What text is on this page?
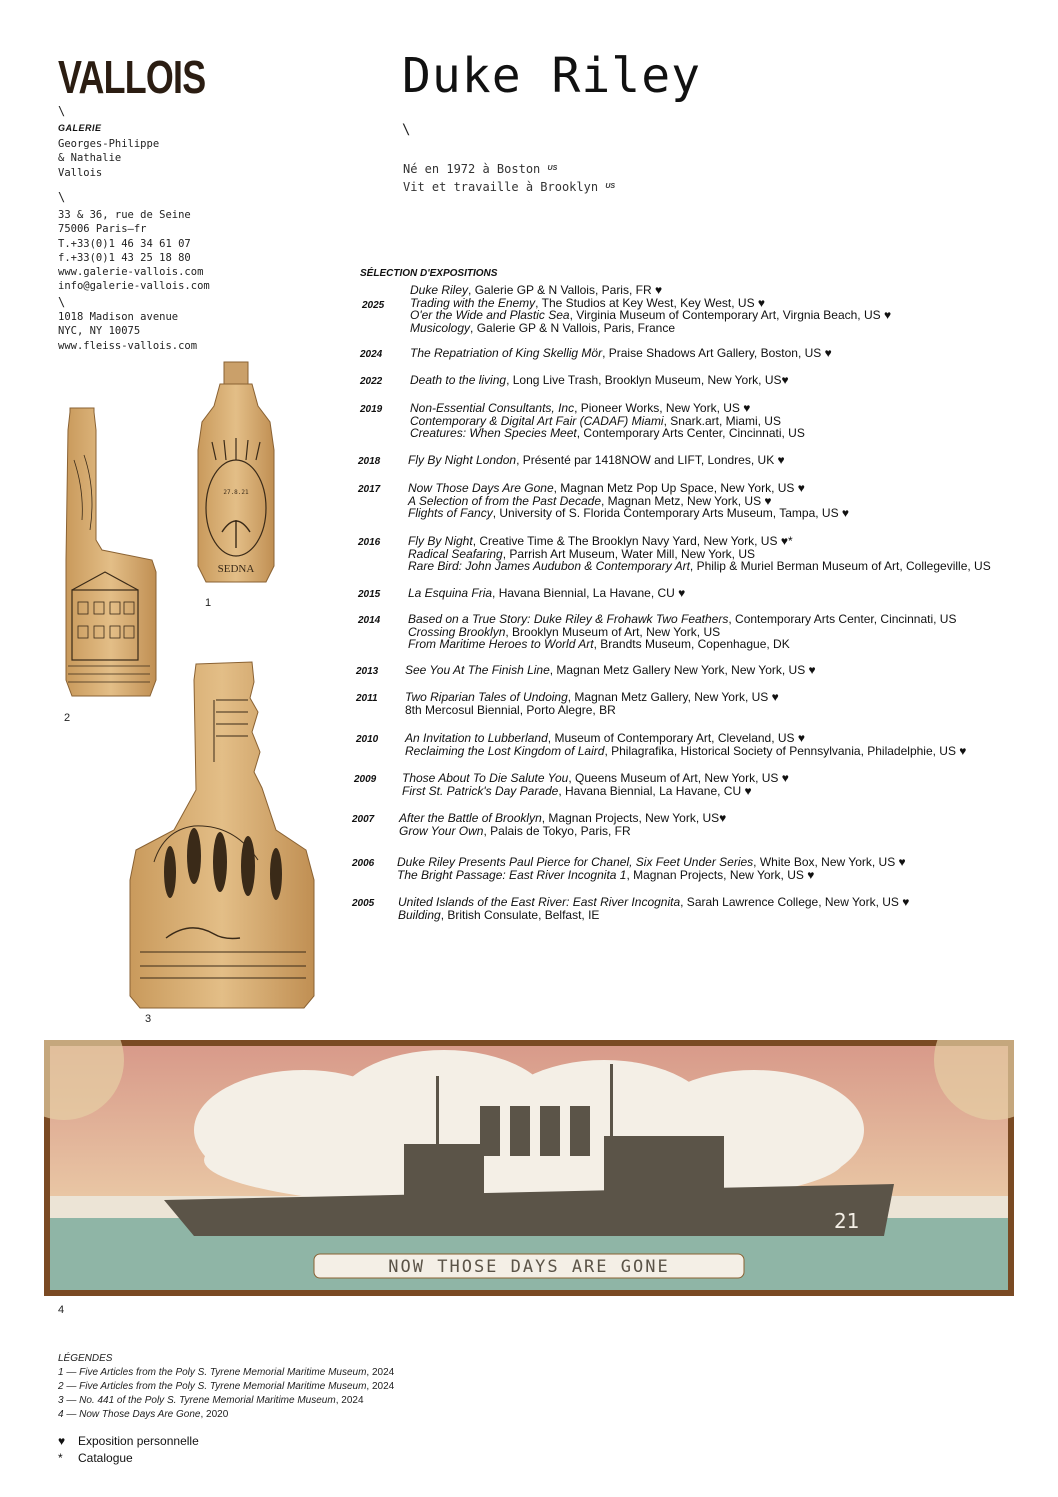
VALLOIS
\
GALERIE
Georges-Philippe
& Nathalie
Vallois
\
33 & 36, rue de Seine
75006 Paris—fr
T.+33(0)1 46 34 61 07
f.+33(0)1 43 25 18 80
www.galerie-vallois.com
info@galerie-vallois.com
\
1018 Madison avenue
NYC, NY 10075
www.fleiss-vallois.com
Duke Riley
\
Né en 1972 à Boston $^{US}$
Vit et travaille à Brooklyn $^{US}$
SÉLECTION D'EXPOSITIONS
2025
Duke Riley, Galerie GP & N Vallois, Paris, FR ♥
Trading with the Enemy, The Studios at Key West, Key West, US ♥
O'er the Wide and Plastic Sea, Virginia Museum of Contemporary Art, Virgnia Beach, US ♥
Musicology, Galerie GP & N Vallois, Paris, France
2024 The Repatriation of King Skellig Mör, Praise Shadows Art Gallery, Boston, US ♥
2022 Death to the living, Long Live Trash, Brooklyn Museum, New York, US♥
2019 Non-Essential Consultants, Inc, Pioneer Works, New York, US ♥
Contemporary & Digital Art Fair (CADAF) Miami, Snark.art, Miami, US
Creatures: When Species Meet, Contemporary Arts Center, Cincinnati, US
2018 Fly By Night London, Présenté par 1418NOW and LIFT, Londres, UK ♥
2017 Now Those Days Are Gone, Magnan Metz Pop Up Space, New York, US ♥
A Selection of from the Past Decade, Magnan Metz, New York, US ♥
Flights of Fancy, University of S. Florida Contemporary Arts Museum, Tampa, US ♥
2016 Fly By Night, Creative Time & The Brooklyn Navy Yard, New York, US ♥*
Radical Seafaring, Parrish Art Museum, Water Mill, New York, US
Rare Bird: John James Audubon & Contemporary Art, Philip & Muriel Berman Museum of Art, Collegeville, US
2015 La Esquina Fria, Havana Biennial, La Havane, CU ♥
2014 Based on a True Story: Duke Riley & Frohawk Two Feathers, Contemporary Arts Center, Cincinnati, US
Crossing Brooklyn, Brooklyn Museum of Art, New York, US
From Maritime Heroes to World Art, Brandts Museum, Copenhague, DK
2013 See You At The Finish Line, Magnan Metz Gallery New York, New York, US ♥
2011 Two Riparian Tales of Undoing, Magnan Metz Gallery, New York, US ♥
8th Mercosul Biennial, Porto Alegre, BR
2010 An Invitation to Lubberland, Museum of Contemporary Art, Cleveland, US ♥
Reclaiming the Lost Kingdom of Laird, Philagrafika, Historical Society of Pennsylvania, Philadelphie, US ♥
2009 Those About To Die Salute You, Queens Museum of Art, New York, US ♥
First St. Patrick's Day Parade, Havana Biennial, La Havane, CU ♥
2007 After the Battle of Brooklyn, Magnan Projects, New York, US♥
Grow Your Own, Palais de Tokyo, Paris, FR
2006 Duke Riley Presents Paul Pierce for Chanel, Six Feet Under Series, White Box, New York, US ♥
The Bright Passage: East River Incognita 1, Magnan Projects, New York, US ♥
2005 United Islands of the East River: East River Incognita, Sarah Lawrence College, New York, US ♥
Building, British Consulate, Belfast, IE
27.8.21
SEDNA
1
2
3
21
NOW THOSE DAYS ARE GONE
4
LÉGENDES
1 — Five Articles from the Poly S. Tyrene Memorial Maritime Museum, 2024
2 — Five Articles from the Poly S. Tyrene Memorial Maritime Museum, 2024
3 — No. 441 of the Poly S. Tyrene Memorial Maritime Museum, 2024
4 — Now Those Days Are Gone, 2020
♥ Exposition personnelle
* Catalogue
